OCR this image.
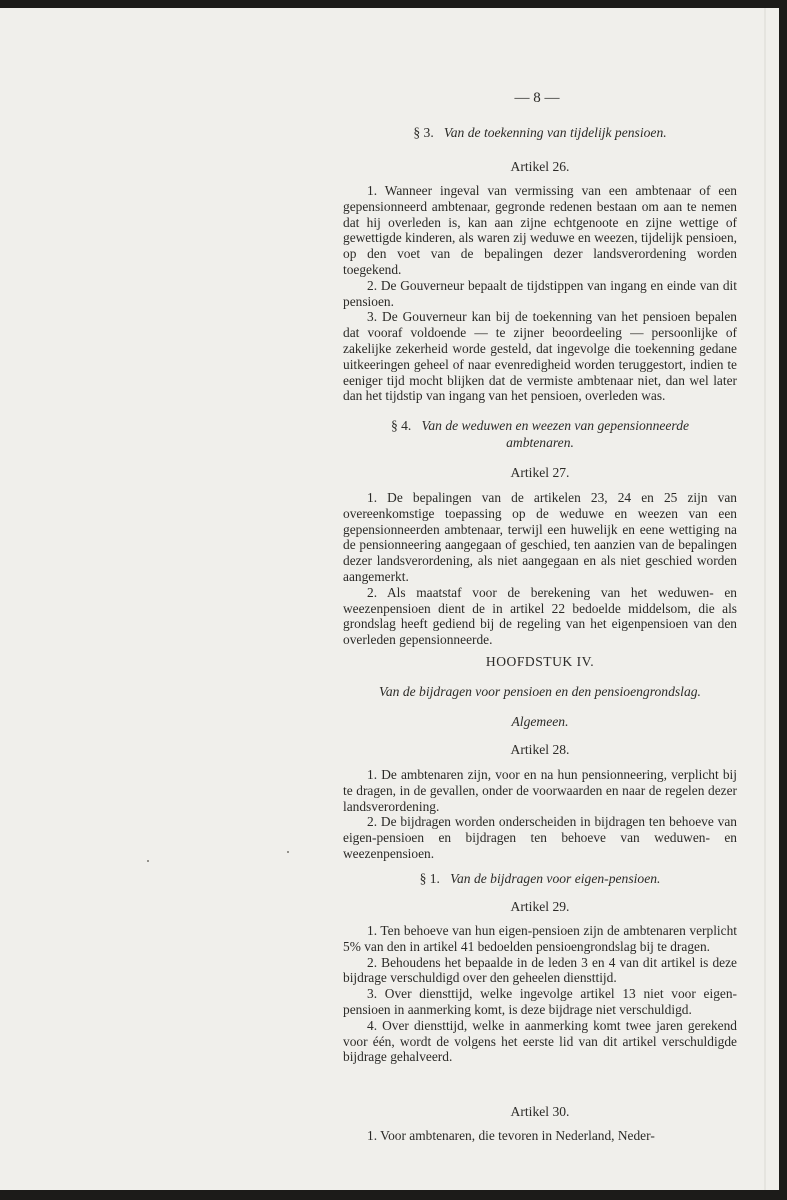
— 8 —
§ 3. Van de toekenning van tijdelijk pensioen.
Artikel 26.

1. Wanneer ingeval van vermissing van een ambtenaar of een gepensionneerd ambtenaar, gegronde redenen bestaan om aan te nemen dat hij overleden is, kan aan zijne echtgenoote en zijne wettige of gewettigde kinderen, als waren zij weduwe en weezen, tijdelijk pensioen, op den voet van de bepalingen dezer landsverordening worden toegekend.

2. De Gouverneur bepaalt de tijdstippen van ingang en einde van dit pensioen.

3. De Gouverneur kan bij de toekenning van het pensioen bepalen dat vooraf voldoende — te zijner beoordeeling — persoonlijke of zakelijke zekerheid worde gesteld, dat ingevolge die toekenning gedane uitkeeringen geheel of naar evenredigheid worden teruggestort, indien te eeniger tijd mocht blijken dat de vermiste ambtenaar niet, dan wel later dan het tijdstip van ingang van het pensioen, overleden was.

§ 4. Van de weduwen en weezen van gepensionneerde
ambtenaren.
Artikel 27.

1. De bepalingen van de artikelen 23, 24 en 25 zijn van overeenkomstige toepassing op de weduwe en weezen van een gepensionneerden ambtenaar, terwijl een huwelijk en eene wettiging na de pensionneering aangegaan of geschied, ten aanzien van de bepalingen dezer landsverordening, als niet aangegaan en als niet geschied worden aangemerkt.

2. Als maatstaf voor de berekening van het weduwen- en weezenpensioen dient de in artikel 22 bedoelde middelsom, die als grondslag heeft gediend bij de regeling van het eigenpensioen van den overleden gepensionneerde.

HOOFDSTUK IV.
Van de bijdragen voor pensioen en den pensioengrondslag.
Algemeen.
Artikel 28.

1. De ambtenaren zijn, voor en na hun pensionneering, verplicht bij te dragen, in de gevallen, onder de voorwaarden en naar de regelen dezer landsverordening.

2. De bijdragen worden onderscheiden in bijdragen ten behoeve van eigen-pensioen en bijdragen ten behoeve van weduwen- en weezenpensioen.

§ 1. Van de bijdragen voor eigen-pensioen.
Artikel 29.

1. Ten behoeve van hun eigen-pensioen zijn de ambtenaren verplicht 5% van den in artikel 41 bedoelden pensioengrondslag bij te dragen.

2. Behoudens het bepaalde in de leden 3 en 4 van dit artikel is deze bijdrage verschuldigd over den geheelen diensttijd.

3. Over diensttijd, welke ingevolge artikel 13 niet voor eigen-pensioen in aanmerking komt, is deze bijdrage niet verschuldigd.

4. Over diensttijd, welke in aanmerking komt twee jaren gerekend voor één, wordt de volgens het eerste lid van dit artikel verschuldigde bijdrage gehalveerd.

Artikel 30.

1. Voor ambtenaren, die tevoren in Nederland, Neder-
